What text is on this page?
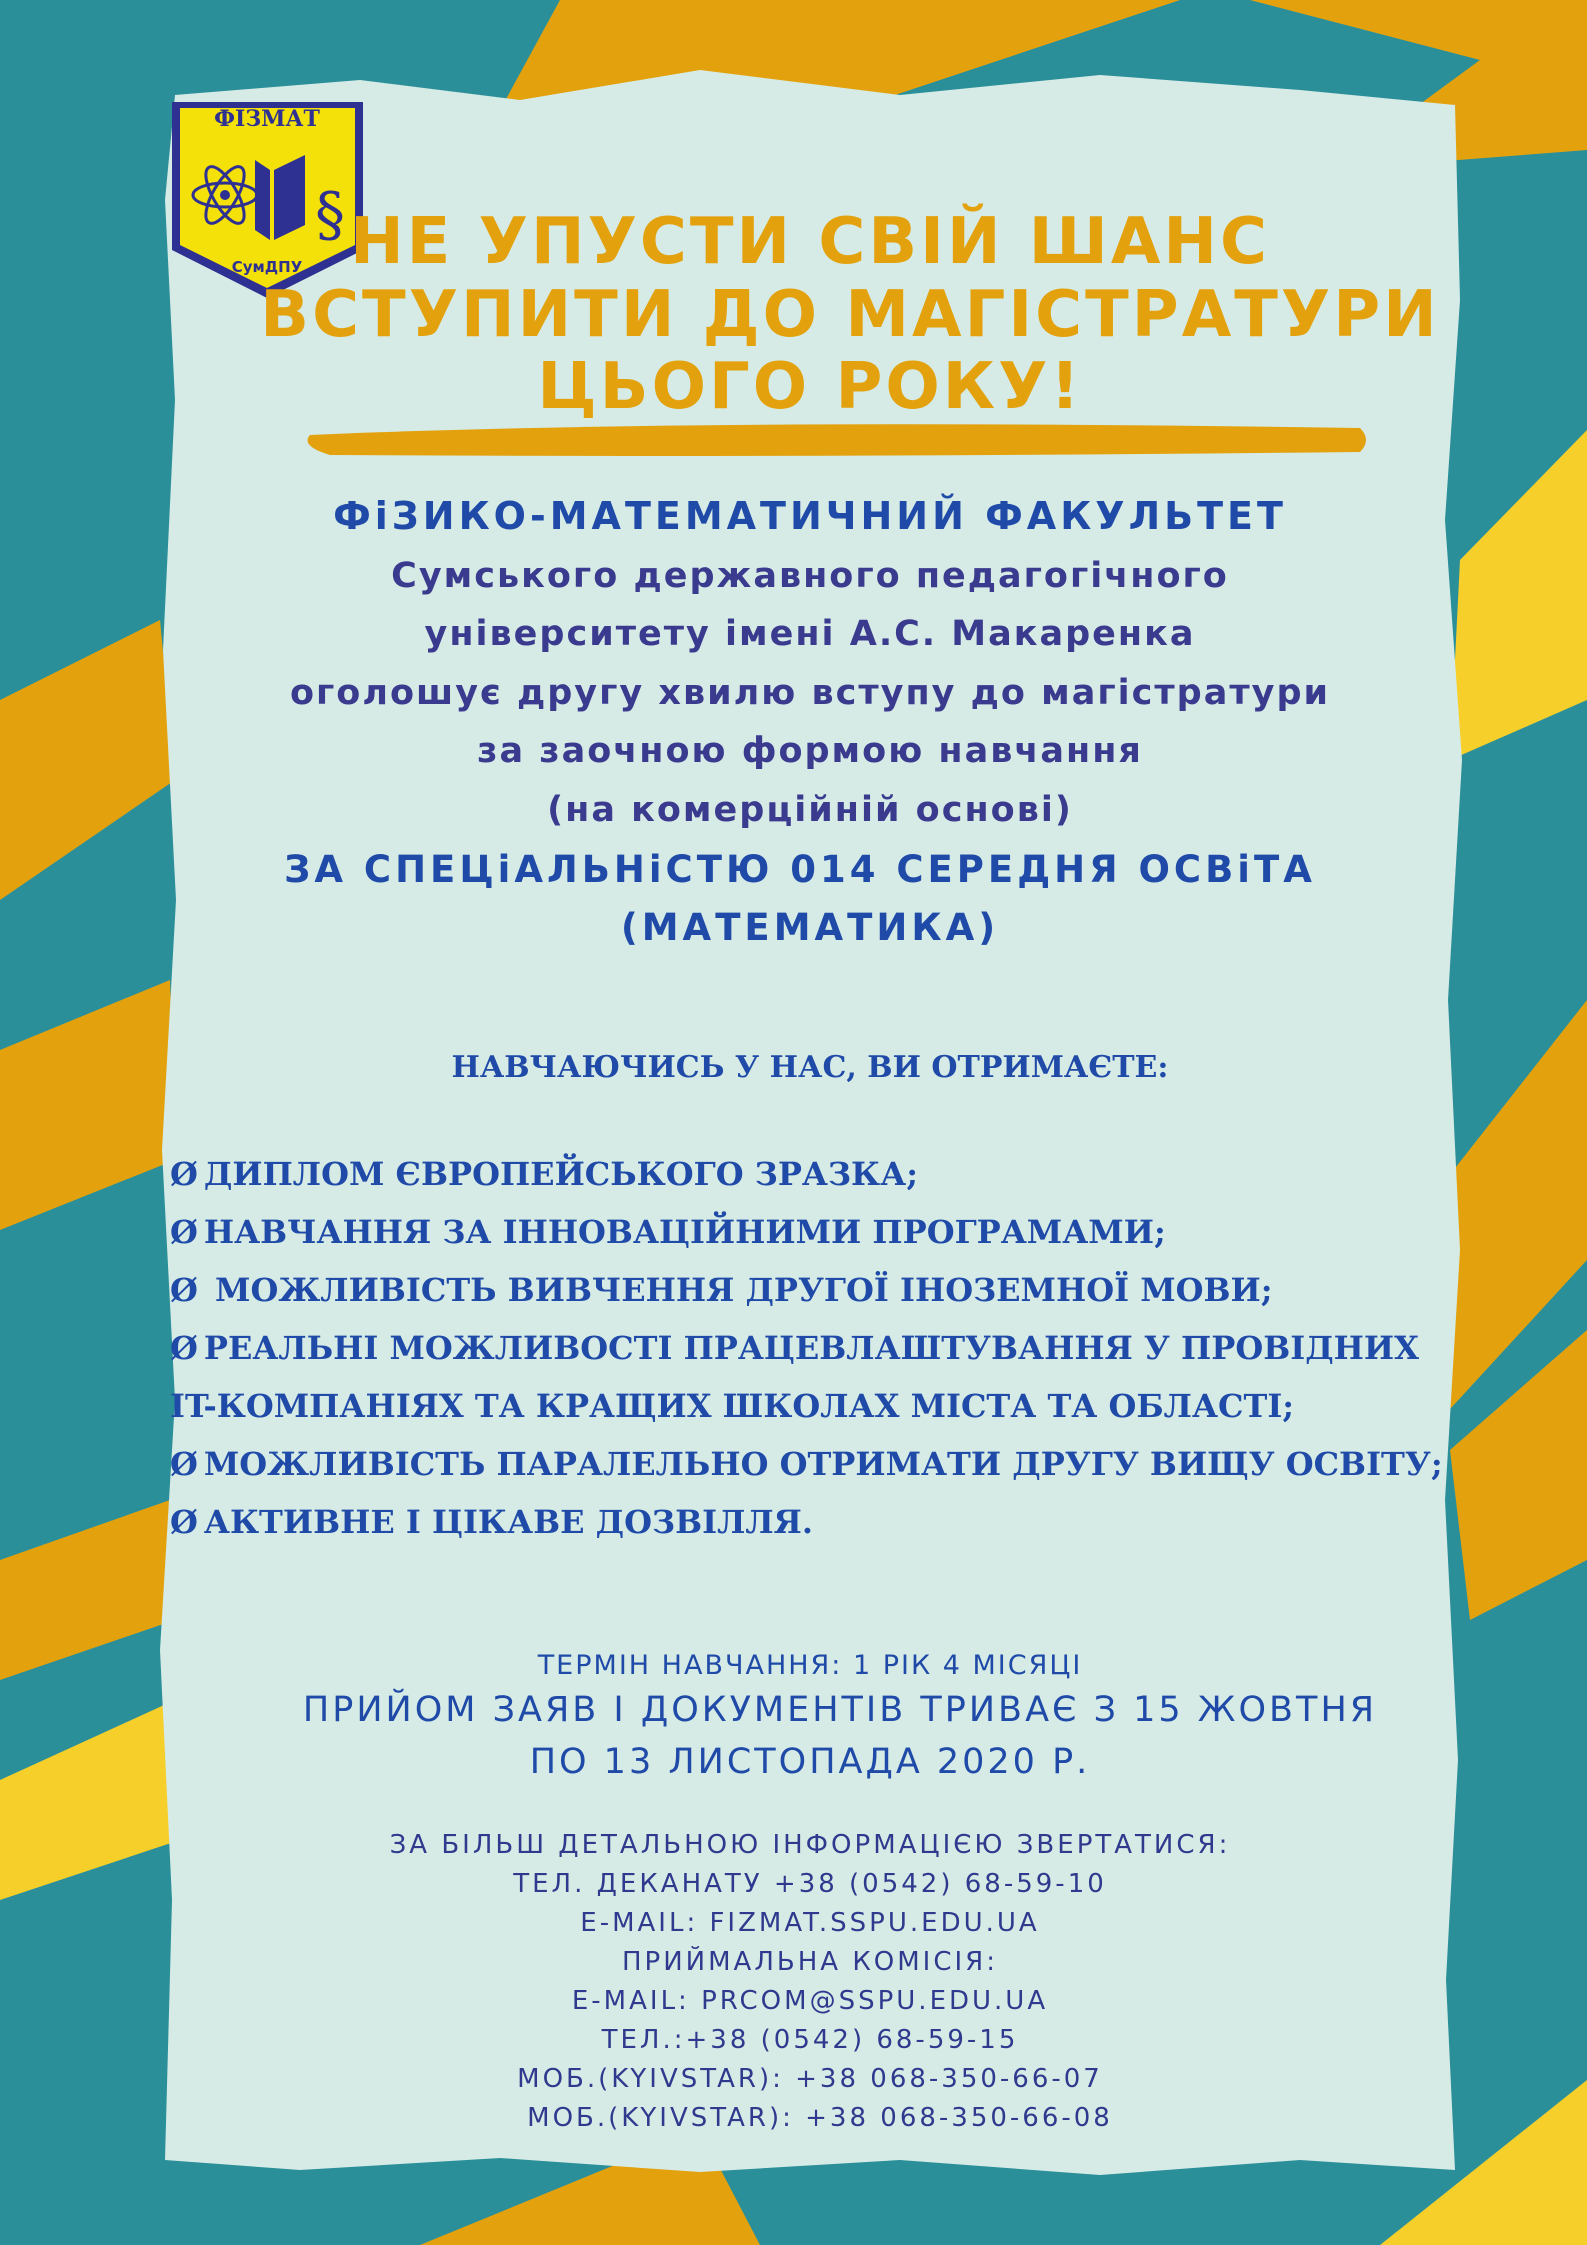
ФІЗМАТ
§
СумДПУ НЕ УПУСТИ СВІЙ ШАНС
ВСТУПИТИ ДО МАГІСТРАТУРИ
ЦЬОГО РОКУ!
ФіЗИКО-МАТЕМАТИЧНИЙ ФАКУЛЬТЕТ
Сумського державного педагогічного
університету імені А.С. Макаренка
оголошує другу хвилю вступу до магістратури
за заочною формою навчання
(на комерційній основі)
ЗА СПЕЦіАЛЬНіСТЮ 014 СЕРЕДНЯ ОСВіТА
(МАТЕМАТИКА)
НАВЧАЮЧИСЬ У НАС, ВИ ОТРИМАЄТЕ:
Ø ДИПЛОМ ЄВРОПЕЙСЬКОГО ЗРАЗКА;
Ø НАВЧАННЯ ЗА ІННОВАЦІЙНИМИ ПРОГРАМАМИ;
Ø МОЖЛИВІСТЬ ВИВЧЕННЯ ДРУГОЇ ІНОЗЕМНОЇ МОВИ;
Ø РЕАЛЬНІ МОЖЛИВОСТІ ПРАЦЕВЛАШТУВАННЯ У ПРОВІДНИХ
IT-КОМПАНІЯХ ТА КРАЩИХ ШКОЛАХ МІСТА ТА ОБЛАСТІ;
Ø МОЖЛИВІСТЬ ПАРАЛЕЛЬНО ОТРИМАТИ ДРУГУ ВИЩУ ОСВІТУ;
Ø АКТИВНЕ І ЦІКАВЕ ДОЗВІЛЛЯ.
ТЕРМІН НАВЧАННЯ: 1 РІК 4 МІСЯЦІ
ПРИЙОМ ЗАЯВ І ДОКУМЕНТІВ ТРИВАЄ З 15 ЖОВТНЯ
ПО 13 ЛИСТОПАДА 2020 Р.
ЗА БІЛЬШ ДЕТАЛЬНОЮ ІНФОРМАЦІЄЮ ЗВЕРТАТИСЯ:
ТЕЛ. ДЕКАНАТУ +38 (0542) 68-59-10
E-MAIL: FIZMAT.SSPU.EDU.UA
ПРИЙМАЛЬНА КОМІСІЯ:
E-MAIL: PRCOM@SSPU.EDU.UA
ТЕЛ.:+38 (0542) 68-59-15
МОБ.(KYIVSTAR): +38 068-350-66-07
МОБ.(KYIVSTAR): +38 068-350-66-08
